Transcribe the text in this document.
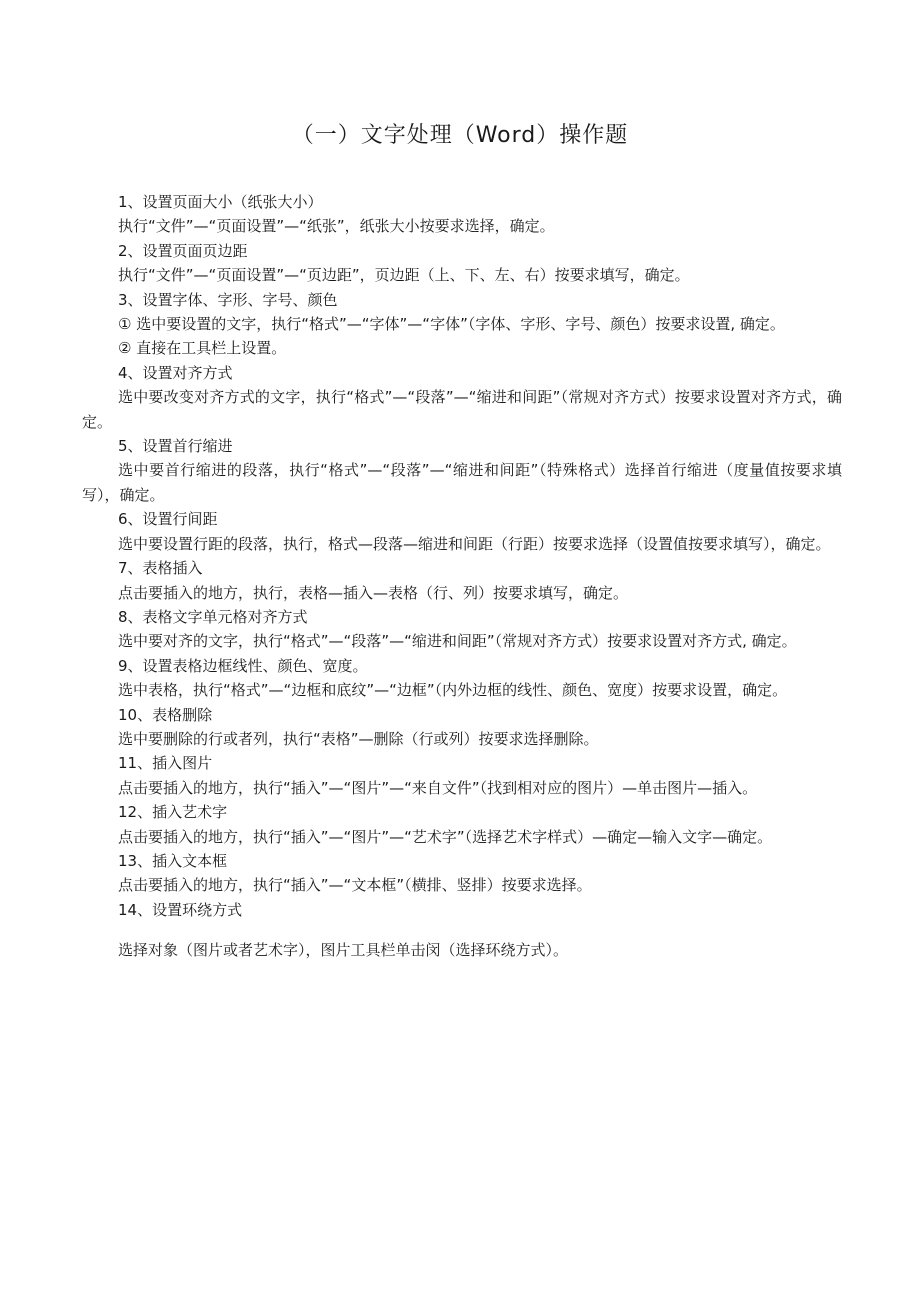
（一）文字处理（Word）操作题

1、设置页面大小（纸张大小）

执行“文件”—“页面设置”—“纸张”，纸张大小按要求选择，确定。

2、设置页面页边距

执行“文件”—“页面设置”—“页边距”，页边距（上、下、左、右）按要求填写，确定。

3、设置字体、字形、字号、颜色

① 选中要设置的文字，执行“格式”—“字体”—“字体”（字体、字形、字号、颜色）按要求设置, 确定。

② 直接在工具栏上设置。

4、设置对齐方式

选中要改变对齐方式的文字，执行“格式”—“段落”—“缩进和间距”（常规对齐方式）按要求设置对齐方式，确定。

5、设置首行缩进

选中要首行缩进的段落，执行“格式”—“段落”—“缩进和间距”（特殊格式）选择首行缩进（度量值按要求填写），确定。

6、设置行间距

选中要设置行距的段落，执行，格式—段落—缩进和间距（行距）按要求选择（设置值按要求填写），确定。

7、表格插入

点击要插入的地方，执行，表格—插入—表格（行、列）按要求填写，确定。

8、表格文字单元格对齐方式

选中要对齐的文字，执行“格式”—“段落”—“缩进和间距”（常规对齐方式）按要求设置对齐方式, 确定。

9、设置表格边框线性、颜色、宽度。

选中表格，执行“格式”—“边框和底纹”—“边框”（内外边框的线性、颜色、宽度）按要求设置，确定。

10、表格删除

选中要删除的行或者列，执行“表格”—删除（行或列）按要求选择删除。

11、插入图片

点击要插入的地方，执行“插入”—“图片”—“来自文件”（找到相对应的图片）—单击图片—插入。

12、插入艺术字

点击要插入的地方，执行“插入”—“图片”—“艺术字”（选择艺术字样式）—确定—输入文字—确定。

13、插入文本框

点击要插入的地方，执行“插入”—“文本框”（横排、竖排）按要求选择。

14、设置环绕方式

选择对象（图片或者艺术字），图片工具栏单击闵（选择环绕方式）。
